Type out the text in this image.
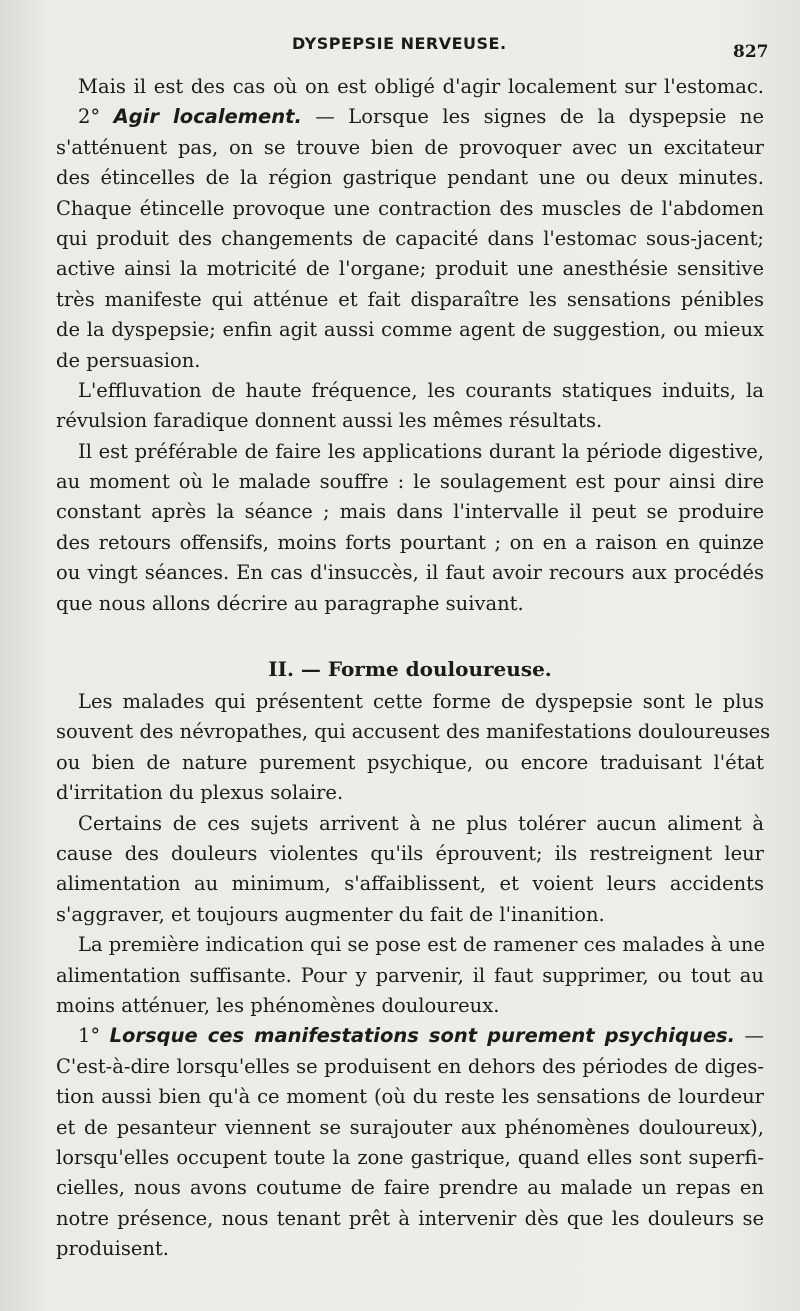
DYSPEPSIE NERVEUSE.	827
Mais il est des cas où on est obligé d'agir localement sur l'estomac.
2° Agir localement. — Lorsque les signes de la dyspepsie ne
s'atténuent pas, on se trouve bien de provoquer avec un excitateur
des étincelles de la région gastrique pendant une ou deux minutes.
Chaque étincelle provoque une contraction des muscles de l'abdomen
qui produit des changements de capacité dans l'estomac sous-jacent;
active ainsi la motricité de l'organe; produit une anesthésie sensitive
très manifeste qui atténue et fait disparaître les sensations pénibles
de la dyspepsie; enfin agit aussi comme agent de suggestion, ou mieux
de persuasion.
L'effluvation de haute fréquence, les courants statiques induits, la
révulsion faradique donnent aussi les mêmes résultats.
Il est préférable de faire les applications durant la période digestive,
au moment où le malade souffre : le soulagement est pour ainsi dire
constant après la séance ; mais dans l'intervalle il peut se produire
des retours offensifs, moins forts pourtant ; on en a raison en quinze
ou vingt séances. En cas d'insuccès, il faut avoir recours aux procédés
que nous allons décrire au paragraphe suivant.
II. — Forme douloureuse.
Les malades qui présentent cette forme de dyspepsie sont le plus
souvent des névropathes, qui accusent des manifestations douloureuses
ou bien de nature purement psychique, ou encore traduisant l'état
d'irritation du plexus solaire.
Certains de ces sujets arrivent à ne plus tolérer aucun aliment à
cause des douleurs violentes qu'ils éprouvent; ils restreignent leur
alimentation au minimum, s'affaiblissent, et voient leurs accidents
s'aggraver, et toujours augmenter du fait de l'inanition.
La première indication qui se pose est de ramener ces malades à une
alimentation suffisante. Pour y parvenir, il faut supprimer, ou tout au
moins atténuer, les phénomènes douloureux.
1° Lorsque ces manifestations sont purement psychiques. —
C'est-à-dire lorsqu'elles se produisent en dehors des périodes de diges-
tion aussi bien qu'à ce moment (où du reste les sensations de lourdeur
et de pesanteur viennent se surajouter aux phénomènes douloureux),
lorsqu'elles occupent toute la zone gastrique, quand elles sont superfi-
cielles, nous avons coutume de faire prendre au malade un repas en
notre présence, nous tenant prêt à intervenir dès que les douleurs se
produisent.
